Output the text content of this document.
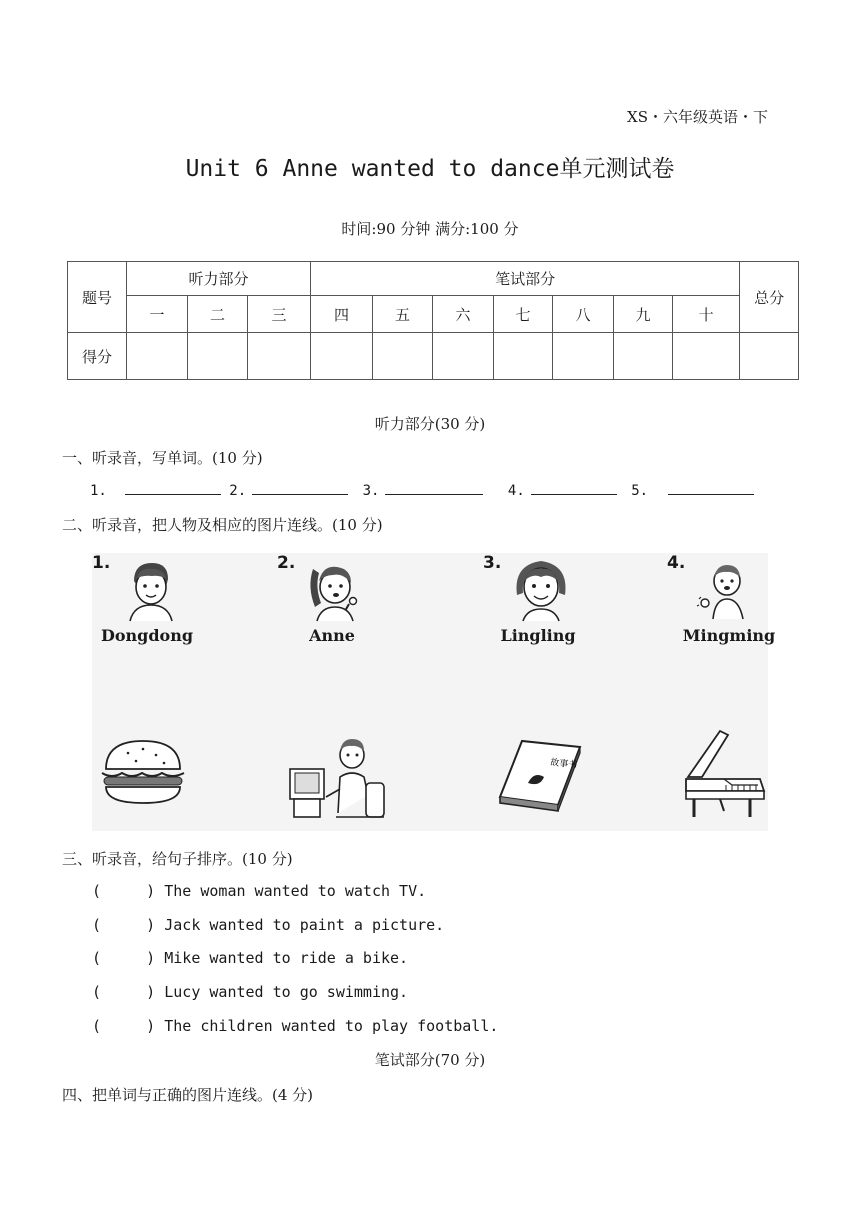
XS・六年级英语・下
Unit 6 Anne wanted to dance单元测试卷
时间:90 分钟 满分:100 分
题号	听力部分			笔试部分							总分
	一	二	三	四	五	六	七	八	九	十	
得分											
听力部分(30 分)
一、听录音，写单词。(10 分)
1.	2.	3.	4.	5.
二、听录音，把人物及相应的图片连线。(10 分)
1.
Dongdong
2.
Anne
3.
Lingling
4.
Mingming
故事书
三、听录音，给句子排序。(10 分)
(     ) The woman wanted to watch TV.
(     ) Jack wanted to paint a picture.
(     ) Mike wanted to ride a bike.
(     ) Lucy wanted to go swimming.
(     ) The children wanted to play football.
笔试部分(70 分)
四、把单词与正确的图片连线。(4 分)
